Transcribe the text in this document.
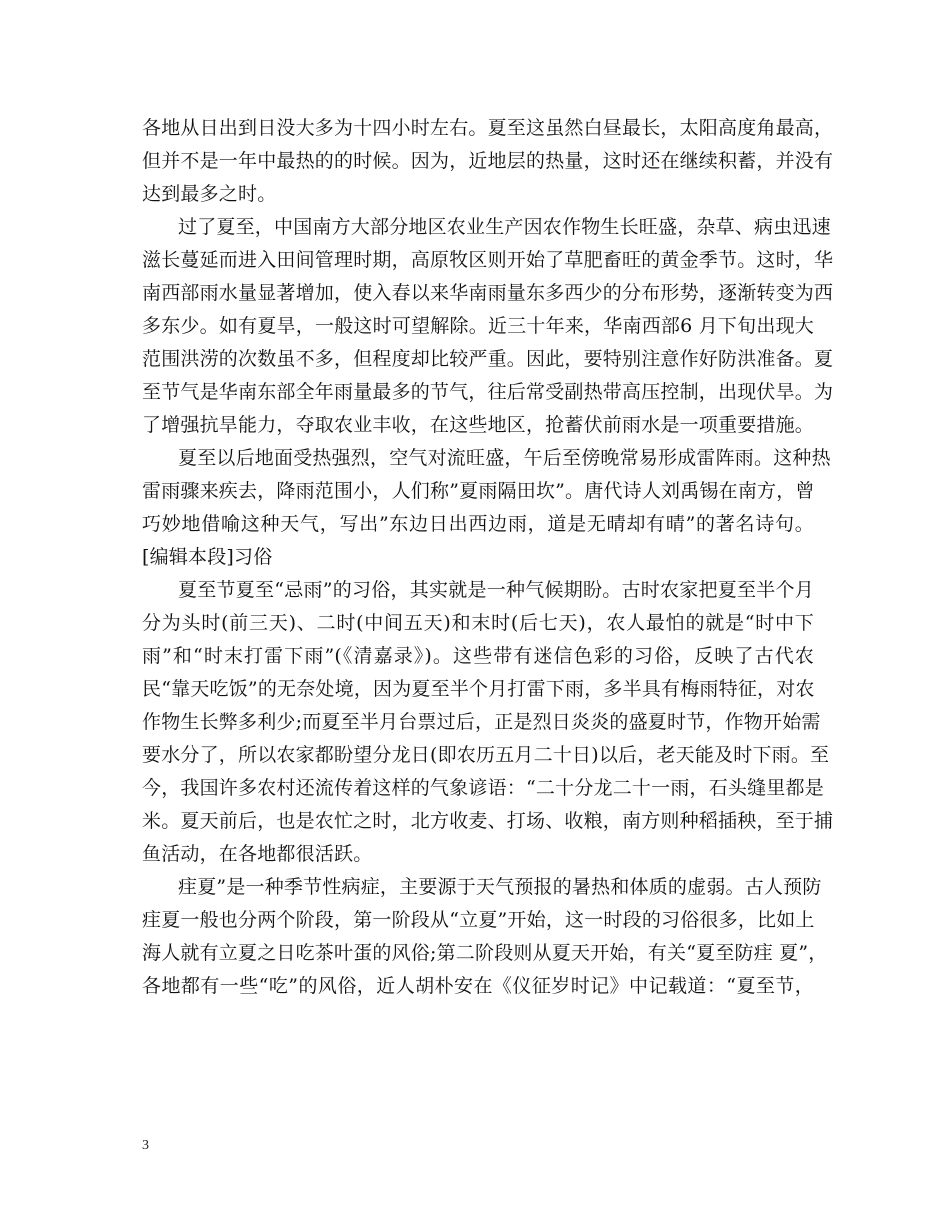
各地从日出到日没大多为十四小时左右。夏至这虽然白昼最长，太阳高度角最高，
但并不是一年中最热的的时候。因为，近地层的热量，这时还在继续积蓄，并没有
达到最多之时。
过了夏至，中国南方大部分地区农业生产因农作物生长旺盛，杂草、病虫迅速
滋长蔓延而进入田间管理时期，高原牧区则开始了草肥畜旺的黄金季节。这时，华
南西部雨水量显著增加，使入春以来华南雨量东多西少的分布形势，逐渐转变为西
多东少。如有夏旱，一般这时可望解除。近三十年来，华南西部6 月下旬出现大
范围洪涝的次数虽不多，但程度却比较严重。因此，要特别注意作好防洪准备。夏
至节气是华南东部全年雨量最多的节气，往后常受副热带高压控制，出现伏旱。为
了增强抗旱能力，夺取农业丰收，在这些地区，抢蓄伏前雨水是一项重要措施。
夏至以后地面受热强烈，空气对流旺盛，午后至傍晚常易形成雷阵雨。这种热
雷雨骤来疾去，降雨范围小，人们称”夏雨隔田坎”。唐代诗人刘禹锡在南方，曾
巧妙地借喻这种天气，写出”东边日出西边雨，道是无晴却有晴”的著名诗句。
[编辑本段]习俗
夏至节夏至“忌雨”的习俗，其实就是一种气候期盼。古时农家把夏至半个月
分为头时(前三天)、二时(中间五天)和末时(后七天)，农人最怕的就是“时中下
雨”和“时末打雷下雨”(《清嘉录》)。这些带有迷信色彩的习俗，反映了古代农
民“靠天吃饭”的无奈处境，因为夏至半个月打雷下雨，多半具有梅雨特征，对农
作物生长弊多利少;而夏至半月台票过后，正是烈日炎炎的盛夏时节，作物开始需
要水分了，所以农家都盼望分龙日(即农历五月二十日)以后，老天能及时下雨。至
今，我国许多农村还流传着这样的气象谚语：“二十分龙二十一雨，石头缝里都是
米。夏天前后，也是农忙之时，北方收麦、打场、收粮，南方则种稻插秧，至于捕
鱼活动，在各地都很活跃。
疰夏”是一种季节性病症，主要源于天气预报的暑热和体质的虚弱。古人预防
疰夏一般也分两个阶段，第一阶段从“立夏”开始，这一时段的习俗很多，比如上
海人就有立夏之日吃茶叶蛋的风俗;第二阶段则从夏天开始，有关“夏至防疰 夏”，
各地都有一些“吃”的风俗，近人胡朴安在《仪征岁时记》中记载道：“夏至节，
3
